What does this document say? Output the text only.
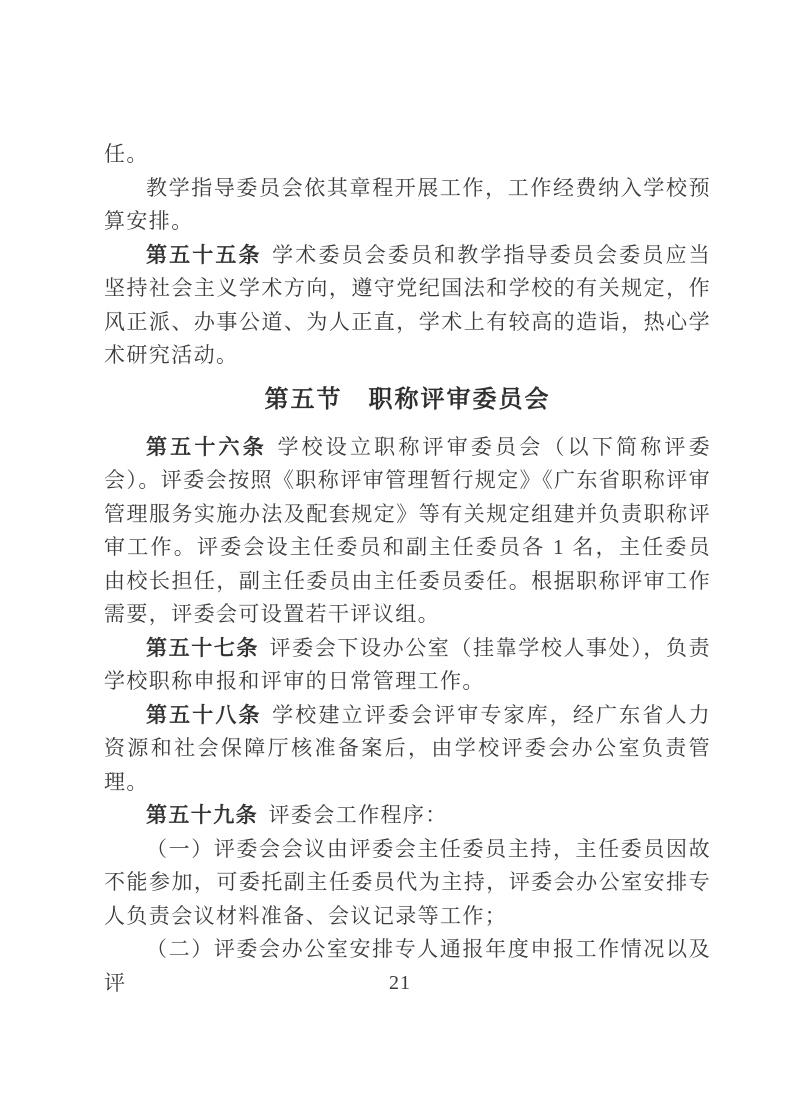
任。

教学指导委员会依其章程开展工作，工作经费纳入学校预算安排。

第五十五条 学术委员会委员和教学指导委员会委员应当坚持社会主义学术方向，遵守党纪国法和学校的有关规定，作风正派、办事公道、为人正直，学术上有较高的造诣，热心学术研究活动。

第五节　职称评审委员会

第五十六条 学校设立职称评审委员会（以下简称评委会）。评委会按照《职称评审管理暂行规定》《广东省职称评审管理服务实施办法及配套规定》等有关规定组建并负责职称评审工作。评委会设主任委员和副主任委员各 1 名，主任委员由校长担任，副主任委员由主任委员委任。根据职称评审工作需要，评委会可设置若干评议组。

第五十七条 评委会下设办公室（挂靠学校人事处），负责学校职称申报和评审的日常管理工作。

第五十八条 学校建立评委会评审专家库，经广东省人力资源和社会保障厅核准备案后，由学校评委会办公室负责管理。

第五十九条 评委会工作程序：

（一）评委会会议由评委会主任委员主持，主任委员因故不能参加，可委托副主任委员代为主持，评委会办公室安排专人负责会议材料准备、会议记录等工作；

（二）评委会办公室安排专人通报年度申报工作情况以及评	21
